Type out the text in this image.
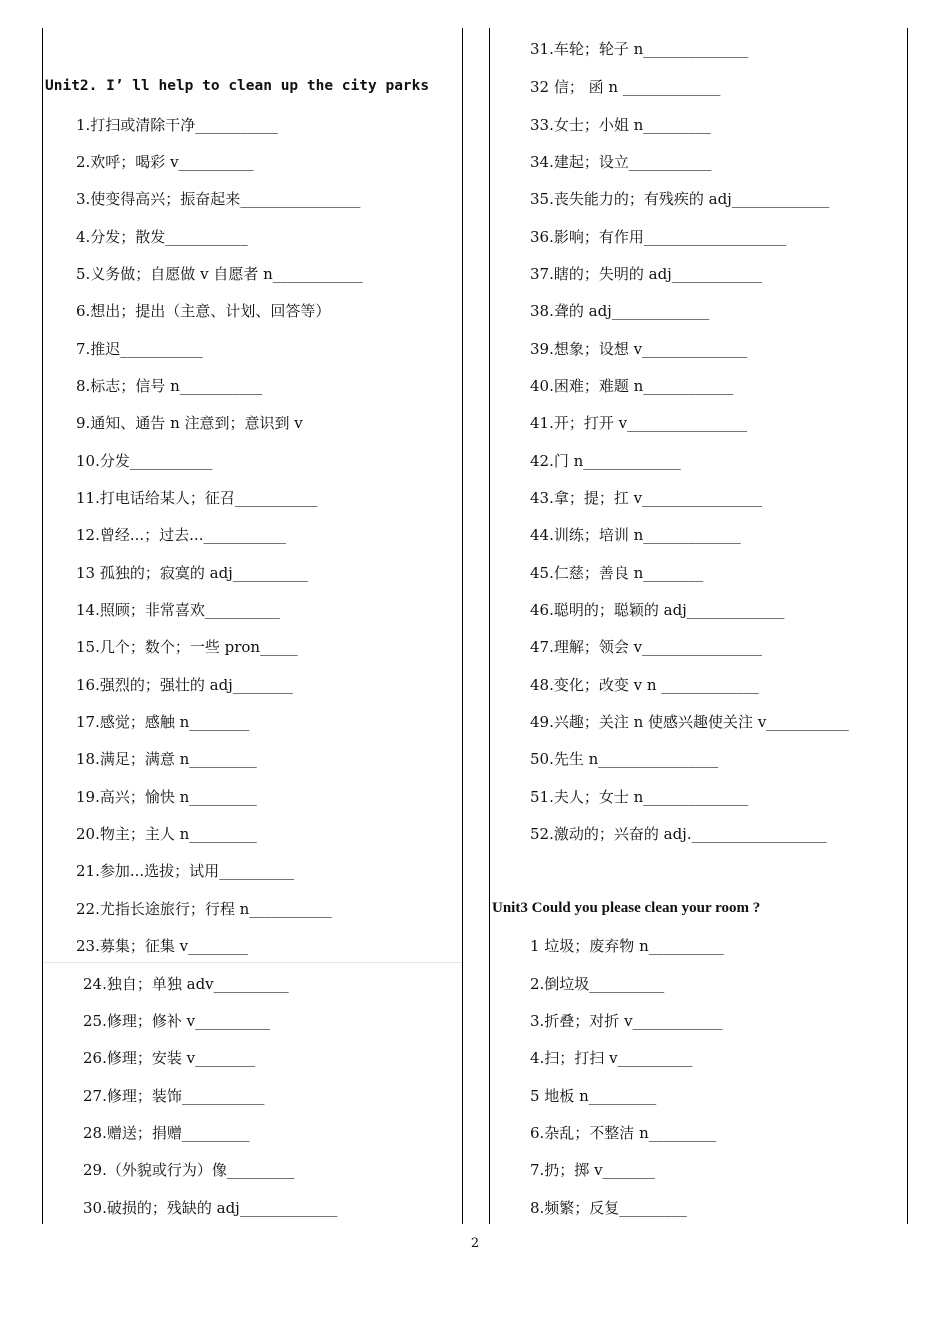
Unit2. I’ ll help to clean up the city parks
1.打扫或清除干净___________
2.欢呼；喝彩 v__________
3.使变得高兴；振奋起来________________
4.分发；散发___________
5.义务做；自愿做 v 自愿者 n____________
6.想出；提出（主意、计划、回答等）
7.推迟___________
8.标志；信号 n___________
9.通知、通告 n 注意到；意识到 v
10.分发___________
11.打电话给某人；征召___________
12.曾经...；过去...___________
13 孤独的；寂寞的 adj__________
14.照顾；非常喜欢__________
15.几个；数个；一些 pron_____
16.强烈的；强壮的 adj________
17.感觉；感触 n________
18.满足；满意 n_________
19.高兴；愉快 n_________
20.物主；主人 n_________
21.参加...选拔；试用__________
22.尤指长途旅行；行程 n___________
23.募集；征集 v________
24.独自；单独 adv__________
25.修理；修补 v__________
26.修理；安装 v________
27.修理；装饰___________
28.赠送；捐赠_________
29.（外貌或行为）像_________
30.破损的；残缺的 adj_____________
Unit3 Could you please clean your room ?
31.车轮；轮子 n______________
32 信； 函 n _____________
33.女士；小姐 n_________
34.建起；设立___________
35.丧失能力的；有残疾的 adj_____________
36.影响；有作用___________________
37.瞎的；失明的 adj____________
38.聋的 adj_____________
39.想象；设想 v______________
40.困难；难题 n____________
41.开；打开 v________________
42.门 n_____________
43.拿；提；扛 v________________
44.训练；培训 n_____________
45.仁慈；善良 n________
46.聪明的；聪颖的 adj_____________
47.理解；领会 v________________
48.变化；改变 v n _____________
49.兴趣；关注 n 使感兴趣使关注 v___________
50.先生 n________________
51.夫人；女士 n______________
52.激动的；兴奋的 adj.__________________
1 垃圾；废弃物 n__________
2.倒垃圾__________
3.折叠；对折 v____________
4.扫；打扫 v__________
5 地板 n_________
6.杂乱；不整洁 n_________
7.扔；掷 v_______
8.频繁；反复_________
2
